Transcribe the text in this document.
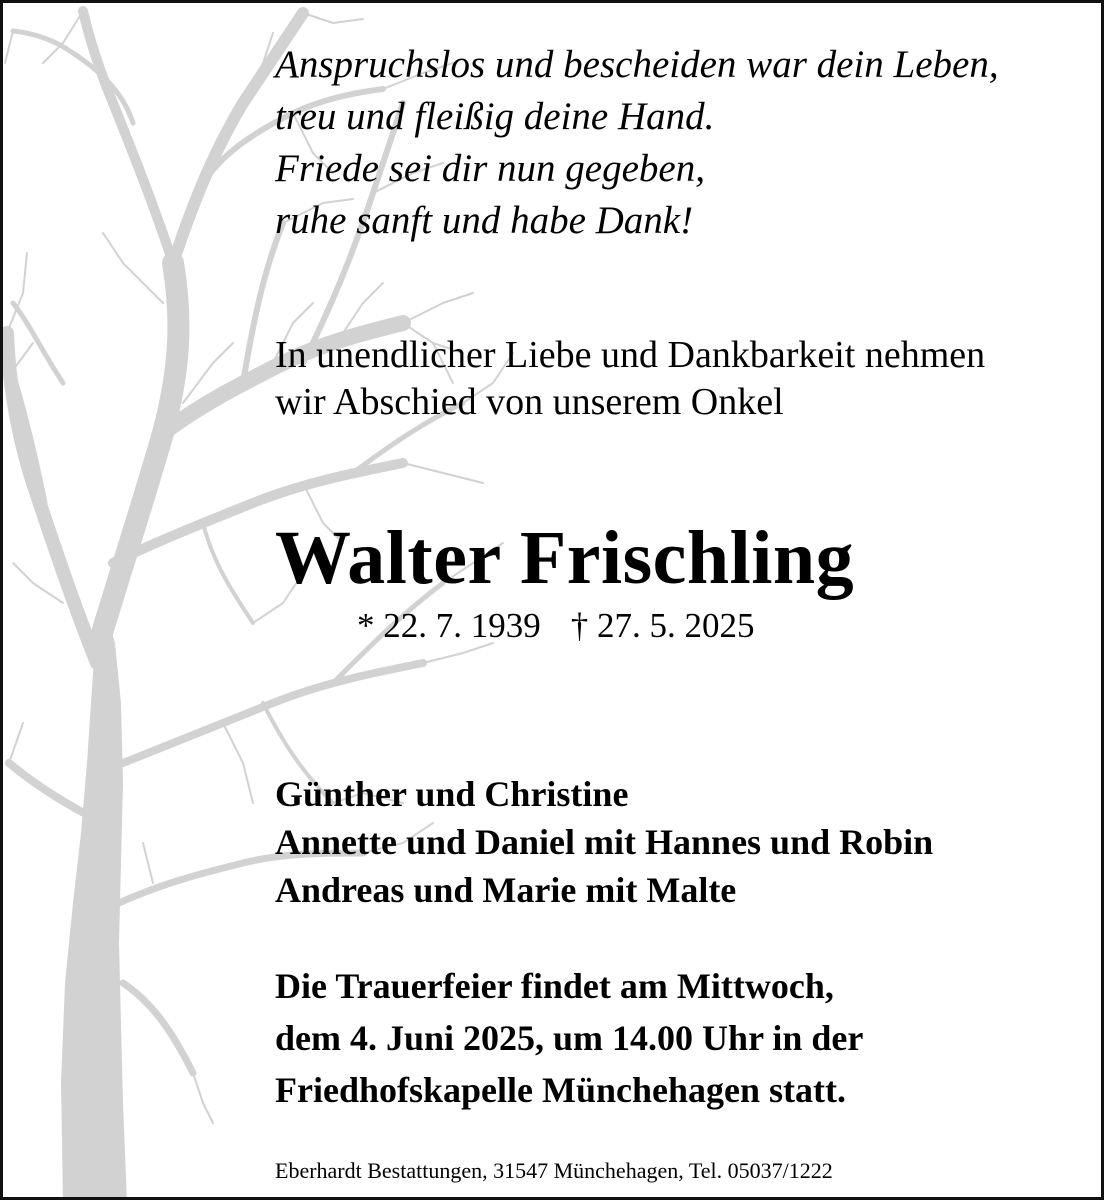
Anspruchslos und bescheiden war dein Leben,
treu und fleißig deine Hand.
Friede sei dir nun gegeben,
ruhe sanft und habe Dank!
In unendlicher Liebe und Dankbarkeit nehmen
wir Abschied von unserem Onkel
Walter Frischling
* 22. 7. 1939 † 27. 5. 2025
Günther und Christine
Annette und Daniel mit Hannes und Robin
Andreas und Marie mit Malte
Die Trauerfeier findet am Mittwoch,
dem 4. Juni 2025, um 14.00 Uhr in der
Friedhofskapelle Münchehagen statt.
Eberhardt Bestattungen, 31547 Münchehagen, Tel. 05037/1222
